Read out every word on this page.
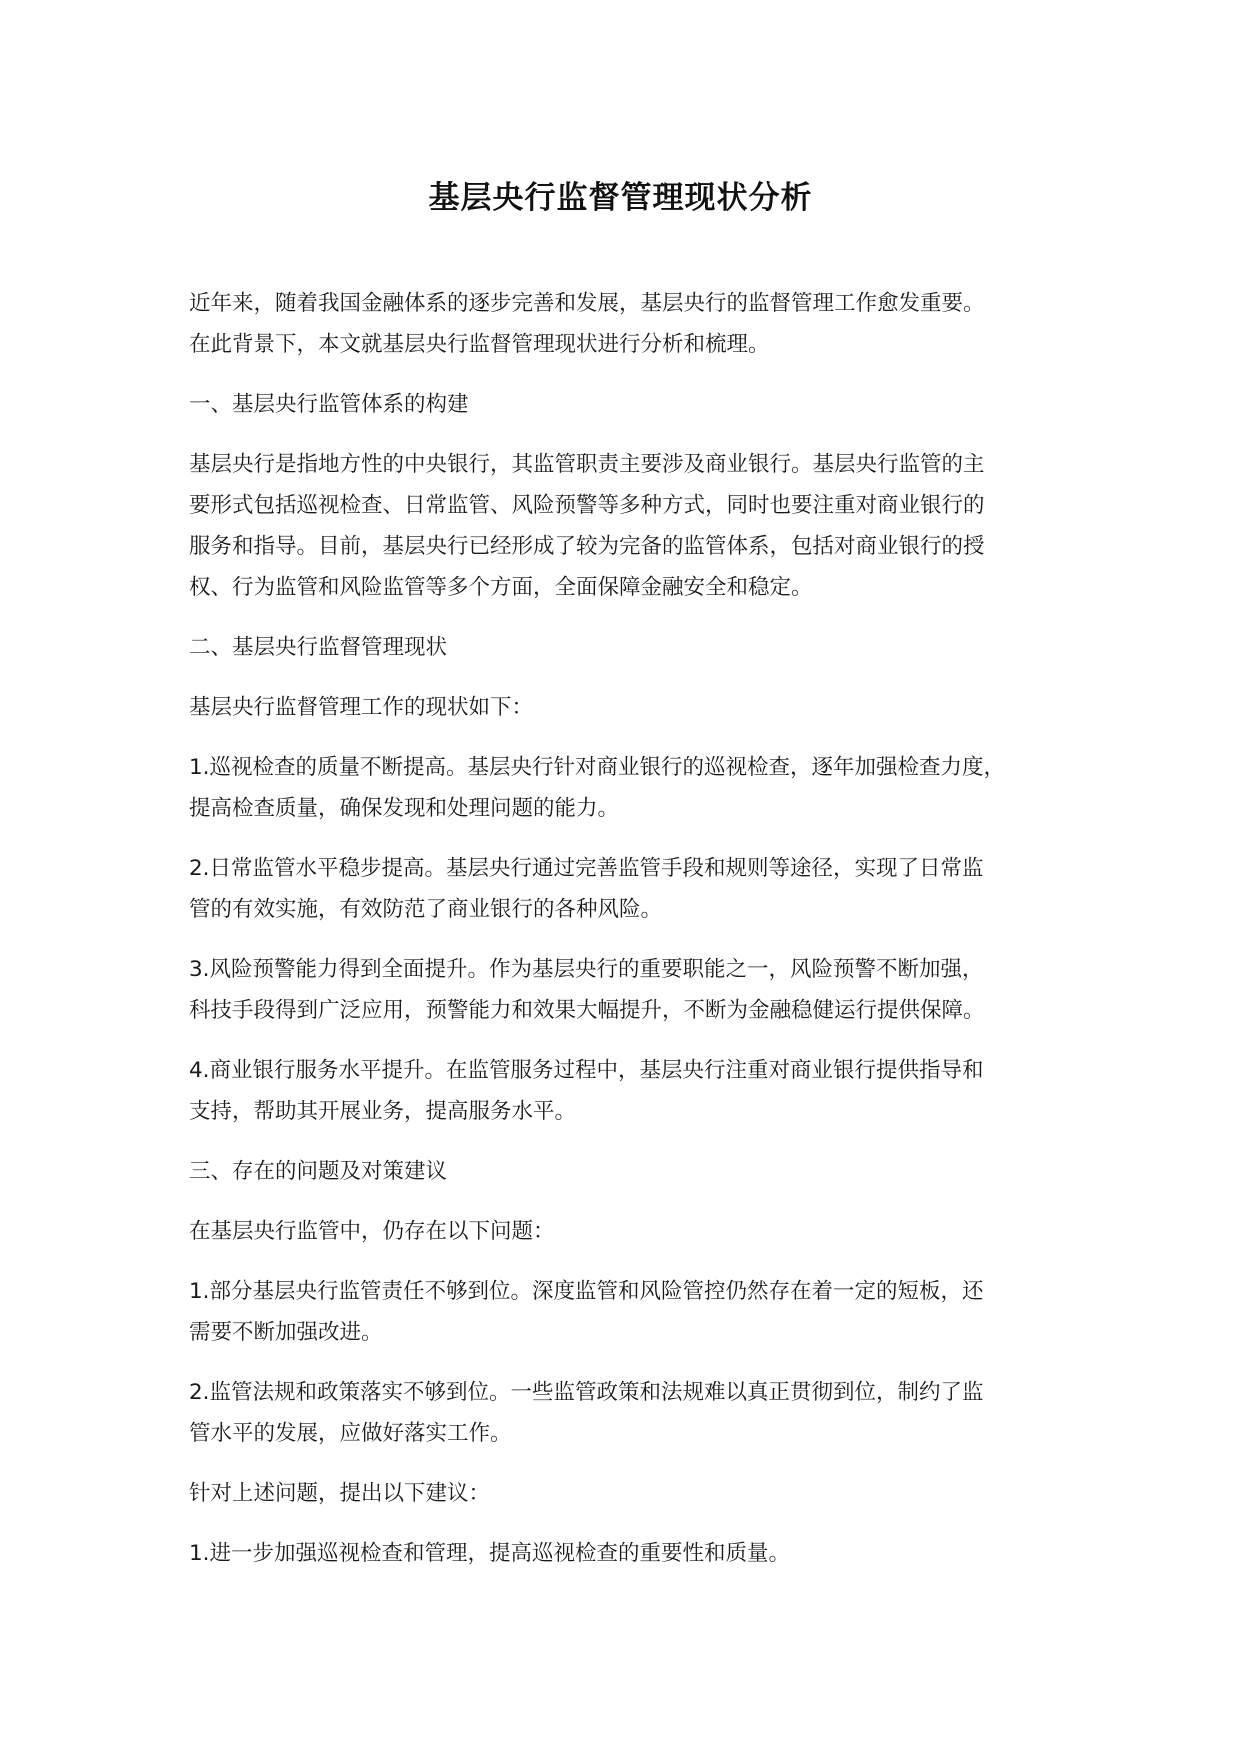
基层央行监督管理现状分析

近年来，随着我国金融体系的逐步完善和发展，基层央行的监督管理工作愈发重要。
在此背景下，本文就基层央行监督管理现状进行分析和梳理。

一、基层央行监管体系的构建

基层央行是指地方性的中央银行，其监管职责主要涉及商业银行。基层央行监管的主
要形式包括巡视检查、日常监管、风险预警等多种方式，同时也要注重对商业银行的
服务和指导。目前，基层央行已经形成了较为完备的监管体系，包括对商业银行的授
权、行为监管和风险监管等多个方面，全面保障金融安全和稳定。

二、基层央行监督管理现状

基层央行监督管理工作的现状如下：

1.巡视检查的质量不断提高。基层央行针对商业银行的巡视检查，逐年加强检查力度，
提高检查质量，确保发现和处理问题的能力。

2.日常监管水平稳步提高。基层央行通过完善监管手段和规则等途径，实现了日常监
管的有效实施，有效防范了商业银行的各种风险。

3.风险预警能力得到全面提升。作为基层央行的重要职能之一，风险预警不断加强，
科技手段得到广泛应用，预警能力和效果大幅提升，不断为金融稳健运行提供保障。

4.商业银行服务水平提升。在监管服务过程中，基层央行注重对商业银行提供指导和
支持，帮助其开展业务，提高服务水平。

三、存在的问题及对策建议

在基层央行监管中，仍存在以下问题：

1.部分基层央行监管责任不够到位。深度监管和风险管控仍然存在着一定的短板，还
需要不断加强改进。

2.监管法规和政策落实不够到位。一些监管政策和法规难以真正贯彻到位，制约了监
管水平的发展，应做好落实工作。

针对上述问题，提出以下建议：

1.进一步加强巡视检查和管理，提高巡视检查的重要性和质量。
